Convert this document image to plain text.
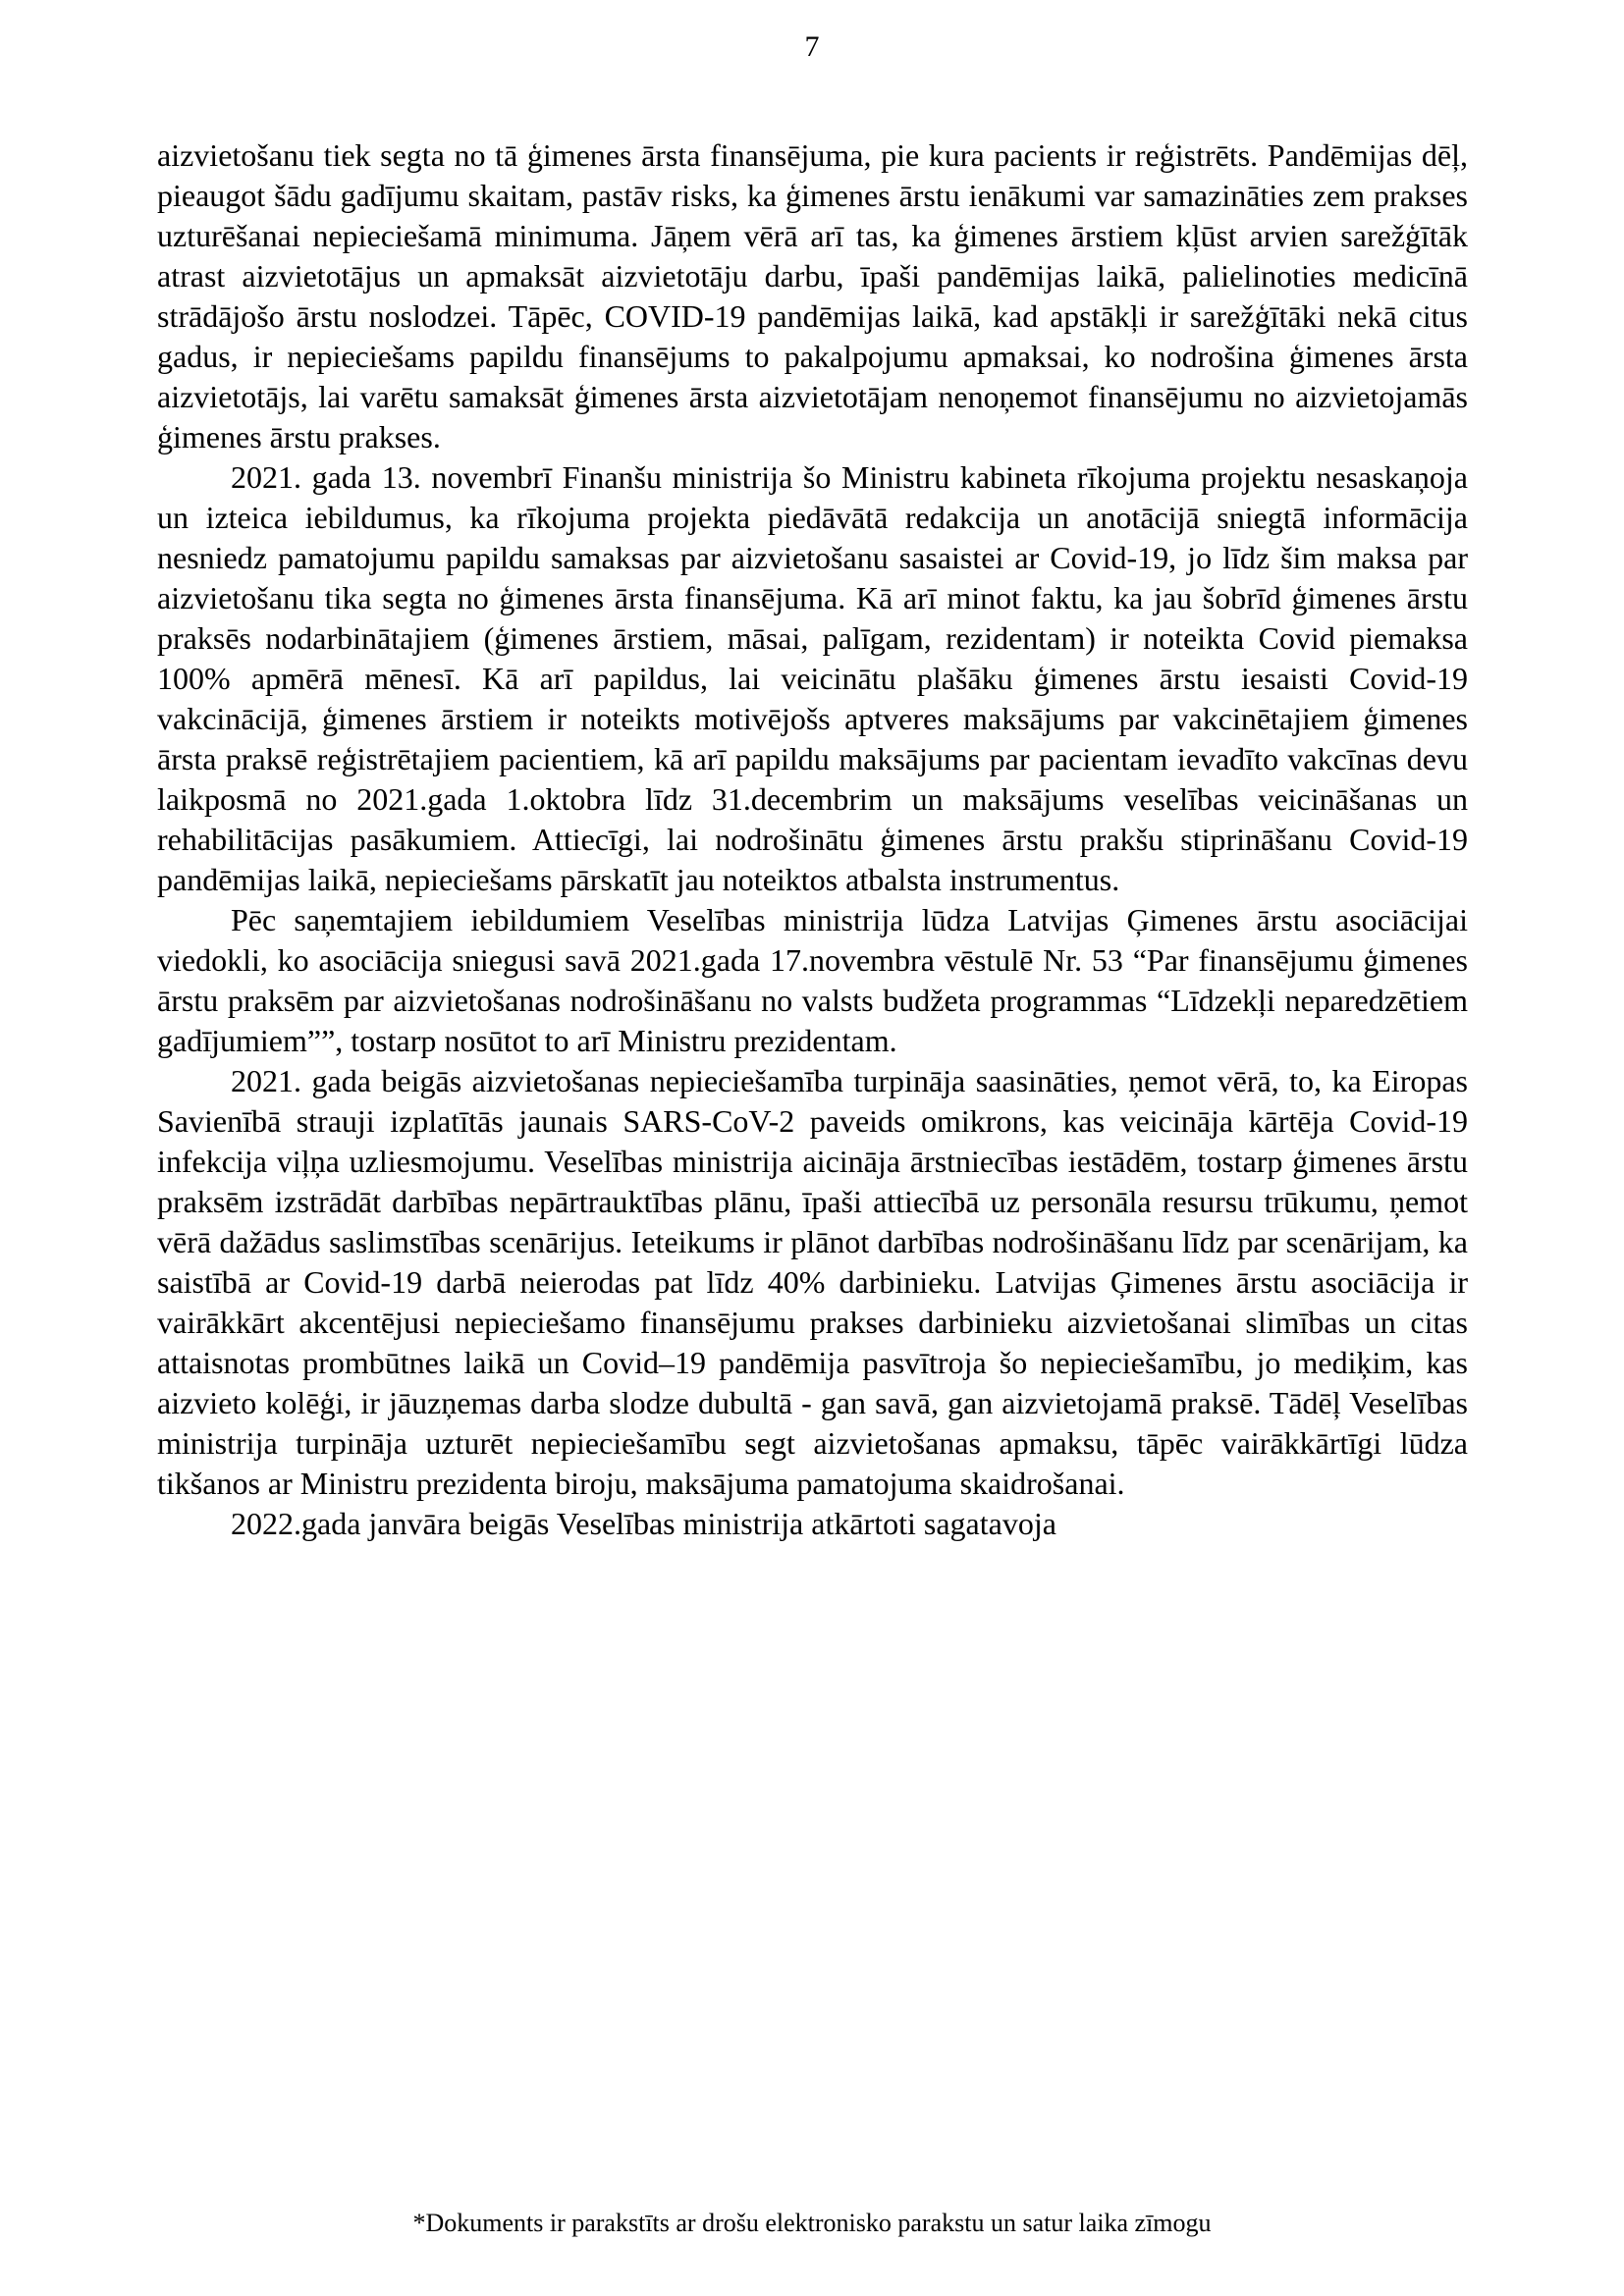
7

aizvietošanu tiek segta no tā ģimenes ārsta finansējuma, pie kura pacients ir reģistrēts. Pandēmijas dēļ, pieaugot šādu gadījumu skaitam, pastāv risks, ka ģimenes ārstu ienākumi var samazināties zem prakses uzturēšanai nepieciešamā minimuma. Jāņem vērā arī tas, ka ģimenes ārstiem kļūst arvien sarežģītāk atrast aizvietotājus un apmaksāt aizvietotāju darbu, īpaši pandēmijas laikā, palielinoties medicīnā strādājošo ārstu noslodzei. Tāpēc, COVID-19 pandēmijas laikā, kad apstākļi ir sarežģītāki nekā citus gadus, ir nepieciešams papildu finansējums to pakalpojumu apmaksai, ko nodrošina ģimenes ārsta aizvietotājs, lai varētu samaksāt ģimenes ārsta aizvietotājam nenoņemot finansējumu no aizvietojamās ģimenes ārstu prakses.

2021. gada 13. novembrī Finanšu ministrija šo Ministru kabineta rīkojuma projektu nesaskaņoja un izteica iebildumus, ka rīkojuma projekta piedāvātā redakcija un anotācijā sniegtā informācija nesniedz pamatojumu papildu samaksas par aizvietošanu sasaistei ar Covid-19, jo līdz šim maksa par aizvietošanu tika segta no ģimenes ārsta finansējuma. Kā arī minot faktu, ka jau šobrīd ģimenes ārstu praksēs nodarbinātajiem (ģimenes ārstiem, māsai, palīgam, rezidentam) ir noteikta Covid piemaksa 100% apmērā mēnesī. Kā arī papildus, lai veicinātu plašāku ģimenes ārstu iesaisti Covid-19 vakcinācijā, ģimenes ārstiem ir noteikts motivējošs aptveres maksājums par vakcinētajiem ģimenes ārsta praksē reģistrētajiem pacientiem, kā arī papildu maksājums par pacientam ievadīto vakcīnas devu laikposmā no 2021.gada 1.oktobra līdz 31.decembrim un maksājums veselības veicināšanas un rehabilitācijas pasākumiem. Attiecīgi, lai nodrošinātu ģimenes ārstu prakšu stiprināšanu Covid-19 pandēmijas laikā, nepieciešams pārskatīt jau noteiktos atbalsta instrumentus.

Pēc saņemtajiem iebildumiem Veselības ministrija lūdza Latvijas Ģimenes ārstu asociācijai viedokli, ko asociācija sniegusi savā 2021.gada 17.novembra vēstulē Nr. 53 “Par finansējumu ģimenes ārstu praksēm par aizvietošanas nodrošināšanu no valsts budžeta programmas “Līdzekļi neparedzētiem gadījumiem””, tostarp nosūtot to arī Ministru prezidentam.

2021. gada beigās aizvietošanas nepieciešamība turpināja saasināties, ņemot vērā, to, ka Eiropas Savienībā strauji izplatītās jaunais SARS-CoV-2 paveids omikrons, kas veicināja kārtēja Covid-19 infekcija viļņa uzliesmojumu. Veselības ministrija aicināja ārstniecības iestādēm, tostarp ģimenes ārstu praksēm izstrādāt darbības nepārtrauktības plānu, īpaši attiecībā uz personāla resursu trūkumu, ņemot vērā dažādus saslimstības scenārijus. Ieteikums ir plānot darbības nodrošināšanu līdz par scenārijam, ka saistībā ar Covid-19 darbā neierodas pat līdz 40% darbinieku. Latvijas Ģimenes ārstu asociācija ir vairākkārt akcentējusi nepieciešamo finansējumu prakses darbinieku aizvietošanai slimības un citas attaisnotas prombūtnes laikā un Covid–19 pandēmija pasvītroja šo nepieciešamību, jo mediķim, kas aizvieto kolēģi, ir jāuzņemas darba slodze dubultā - gan savā, gan aizvietojamā praksē. Tādēļ Veselības ministrija turpināja uzturēt nepieciešamību segt aizvietošanas apmaksu, tāpēc vairākkārtīgi lūdza tikšanos ar Ministru prezidenta biroju, maksājuma pamatojuma skaidrošanai.

2022.gada janvāra beigās Veselības ministrija atkārtoti sagatavoja

*Dokuments ir parakstīts ar drošu elektronisko parakstu un satur laika zīmogu
